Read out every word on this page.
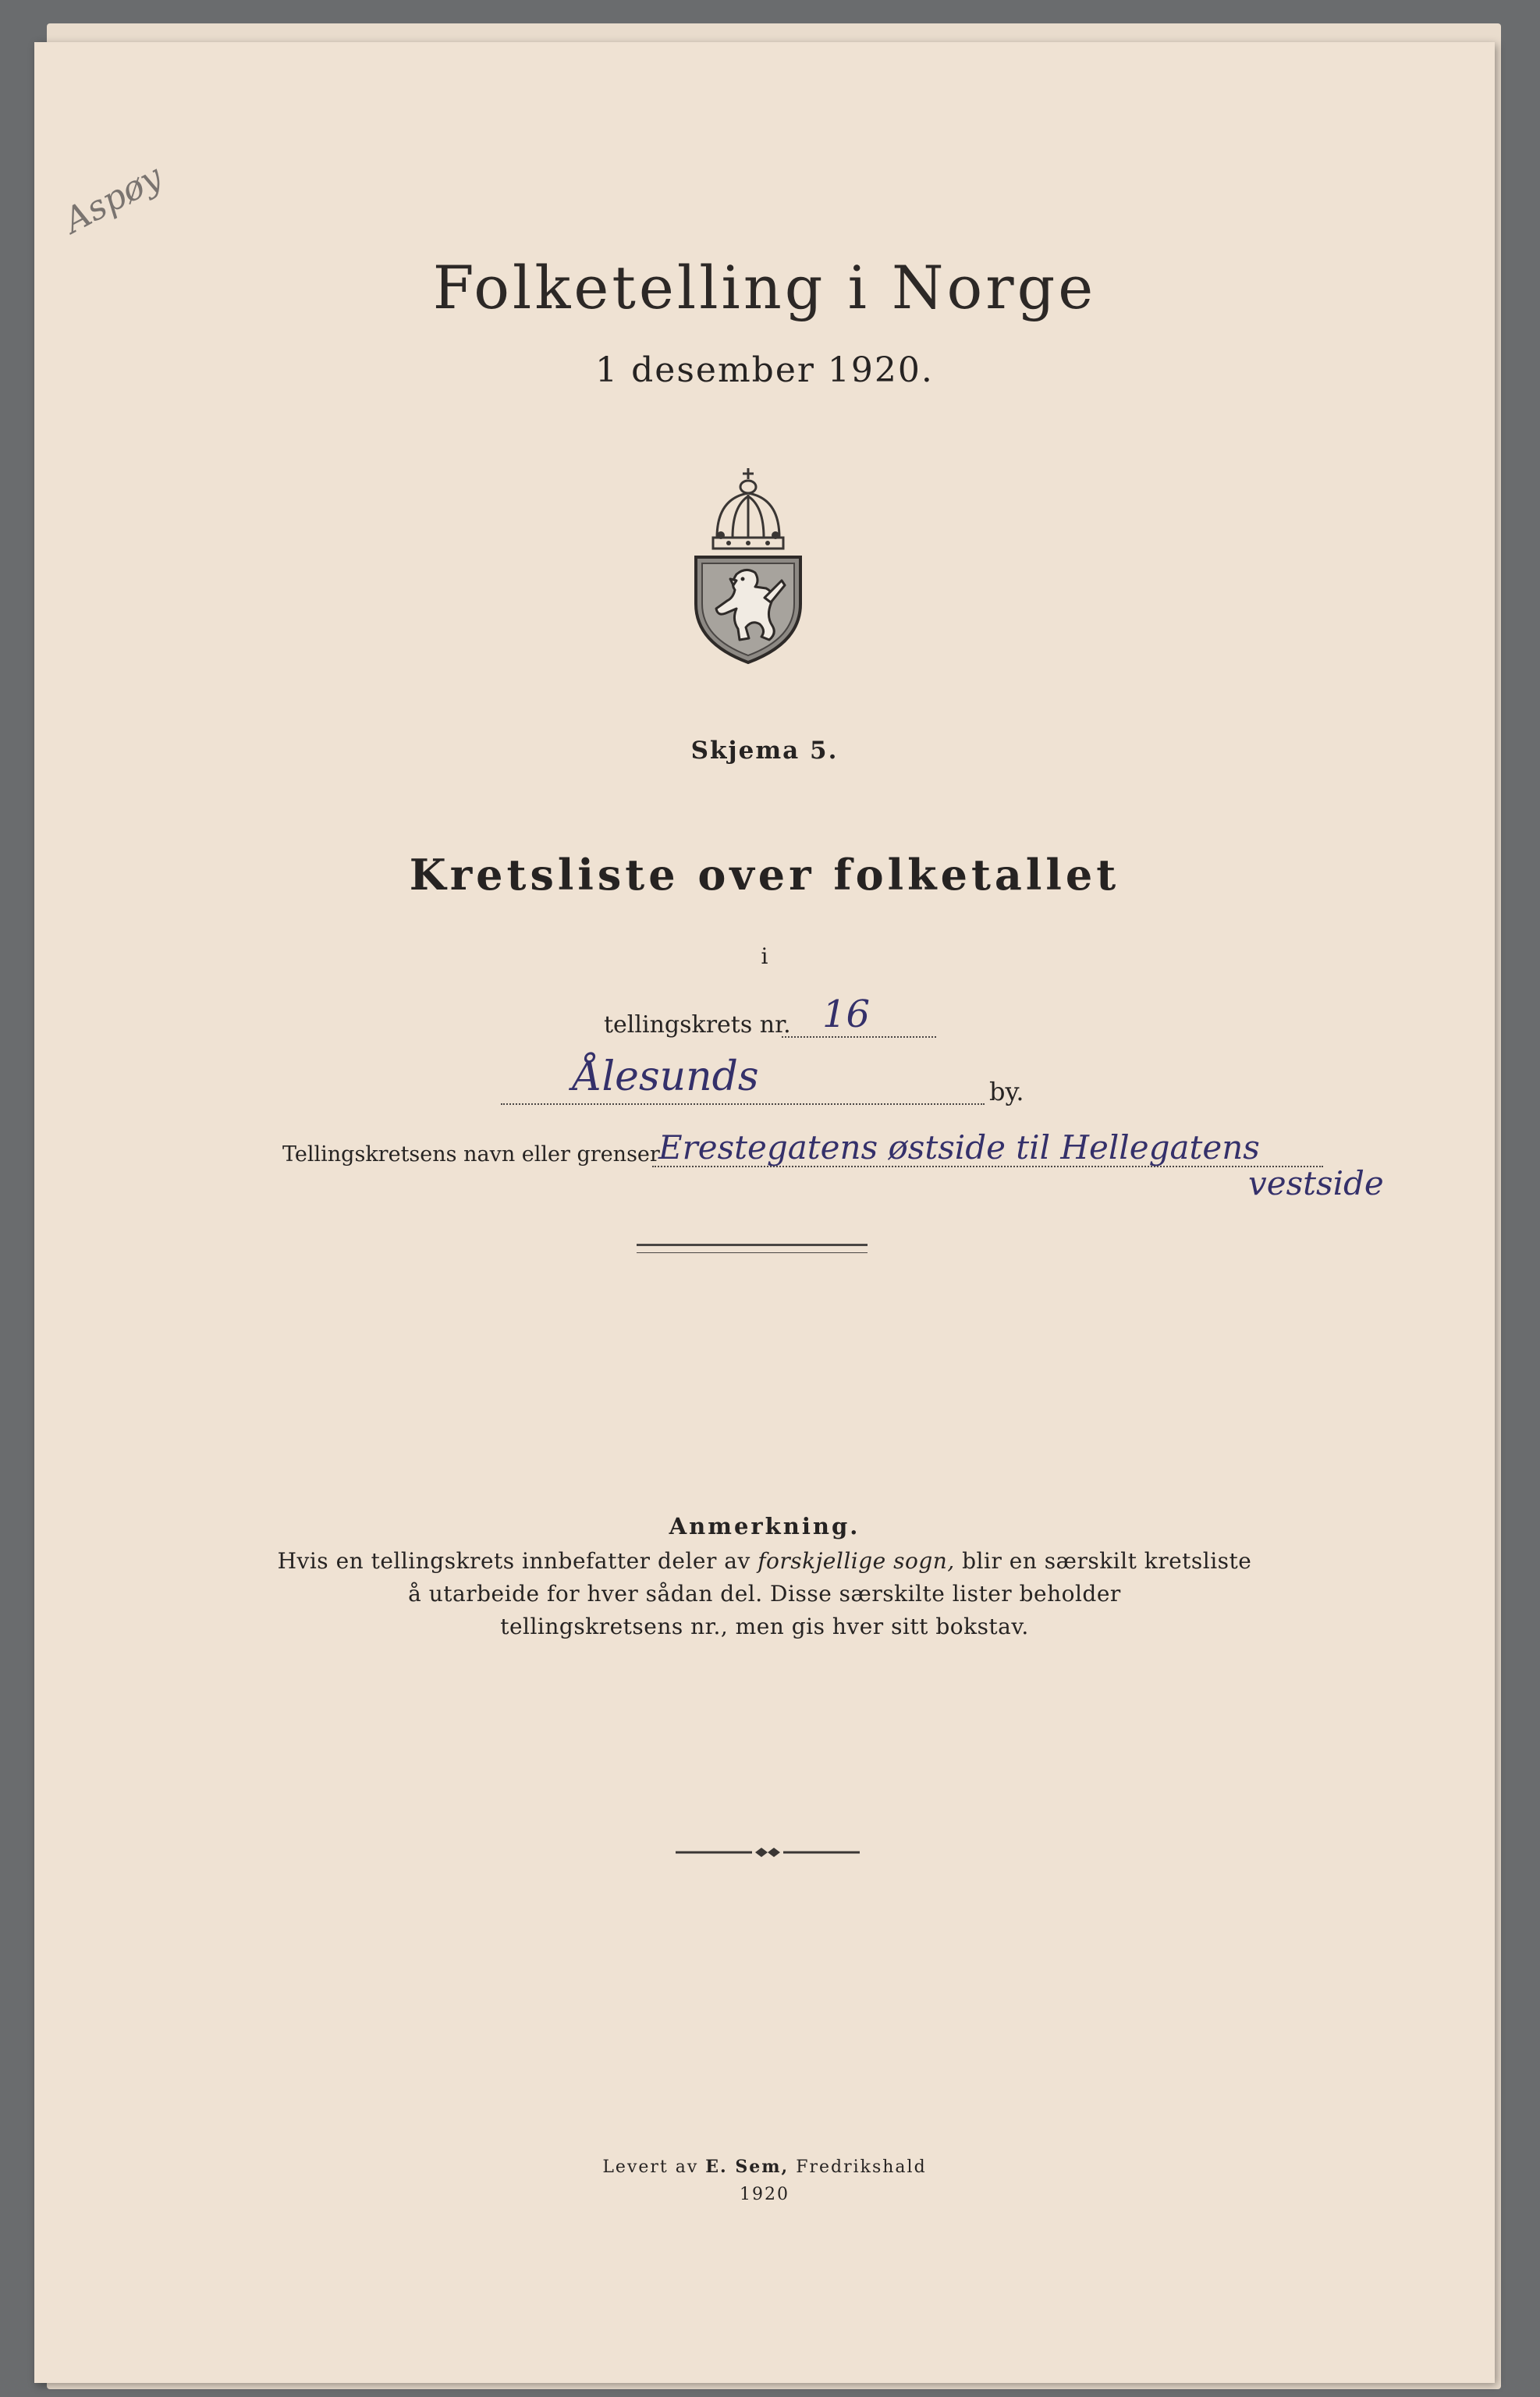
Aspøy
Folketelling i Norge
1 desember 1920.
Skjema 5.
Kretsliste over folketallet
i
tellingskrets nr. 16
Ålesunds	by.
Tellingskretsens navn eller grenser
Erestegatens østside til Hellegatens
vestside
Anmerkning.
Hvis en tellingskrets innbefatter deler av forskjellige sogn, blir en særskilt kretsliste
å utarbeide for hver sådan del. Disse særskilte lister beholder
tellingskretsens nr., men gis hver sitt bokstav.
Levert av E. Sem, Fredrikshald
1920
